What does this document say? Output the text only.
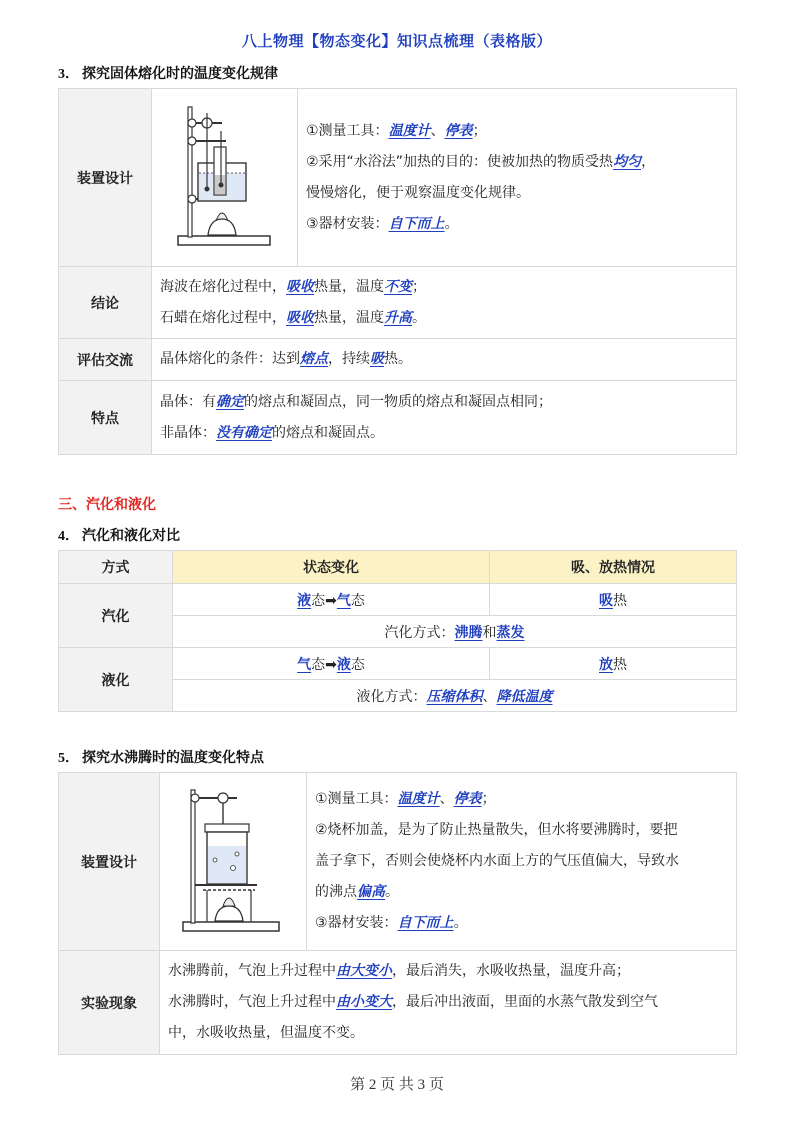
八上物理【物态变化】知识点梳理（表格版）
3． 探究固体熔化时的温度变化规律
装置设计		①测量工具：温度计、停表；
②采用“水浴法”加热的目的：使被加热的物质受热均匀，
慢慢熔化，便于观察温度变化规律。
③器材安装：自下而上。

结论	海波在熔化过程中，吸收热量，温度不变；
石蜡在熔化过程中，吸收热量，温度升高。	

评估交流	晶体熔化的条件：达到熔点，持续吸热。	

特点	晶体：有确定的熔点和凝固点，同一物质的熔点和凝固点相同；
非晶体：没有确定的熔点和凝固点。	
三、汽化和液化
4． 汽化和液化对比
方式	状态变化	吸、放热情况
汽化	液态➡气态	吸热
	汽化方式：沸腾和蒸发	
液化	气态➡液态	放热
	液化方式：压缩体积、降低温度	
5． 探究水沸腾时的温度变化特点
装置设计		①测量工具：温度计、停表；
②烧杯加盖，是为了防止热量散失，但水将要沸腾时，要把
盖子拿下，否则会使烧杯内水面上方的气压值偏大，导致水
的沸点偏高。
③器材安装：自下而上。

实验现象	水沸腾前，气泡上升过程中由大变小，最后消失，水吸收热量，温度升高；
水沸腾时，气泡上升过程中由小变大，最后冲出液面，里面的水蒸气散发到空气
中，水吸收热量，但温度不变。	
第 2 页 共 3 页
